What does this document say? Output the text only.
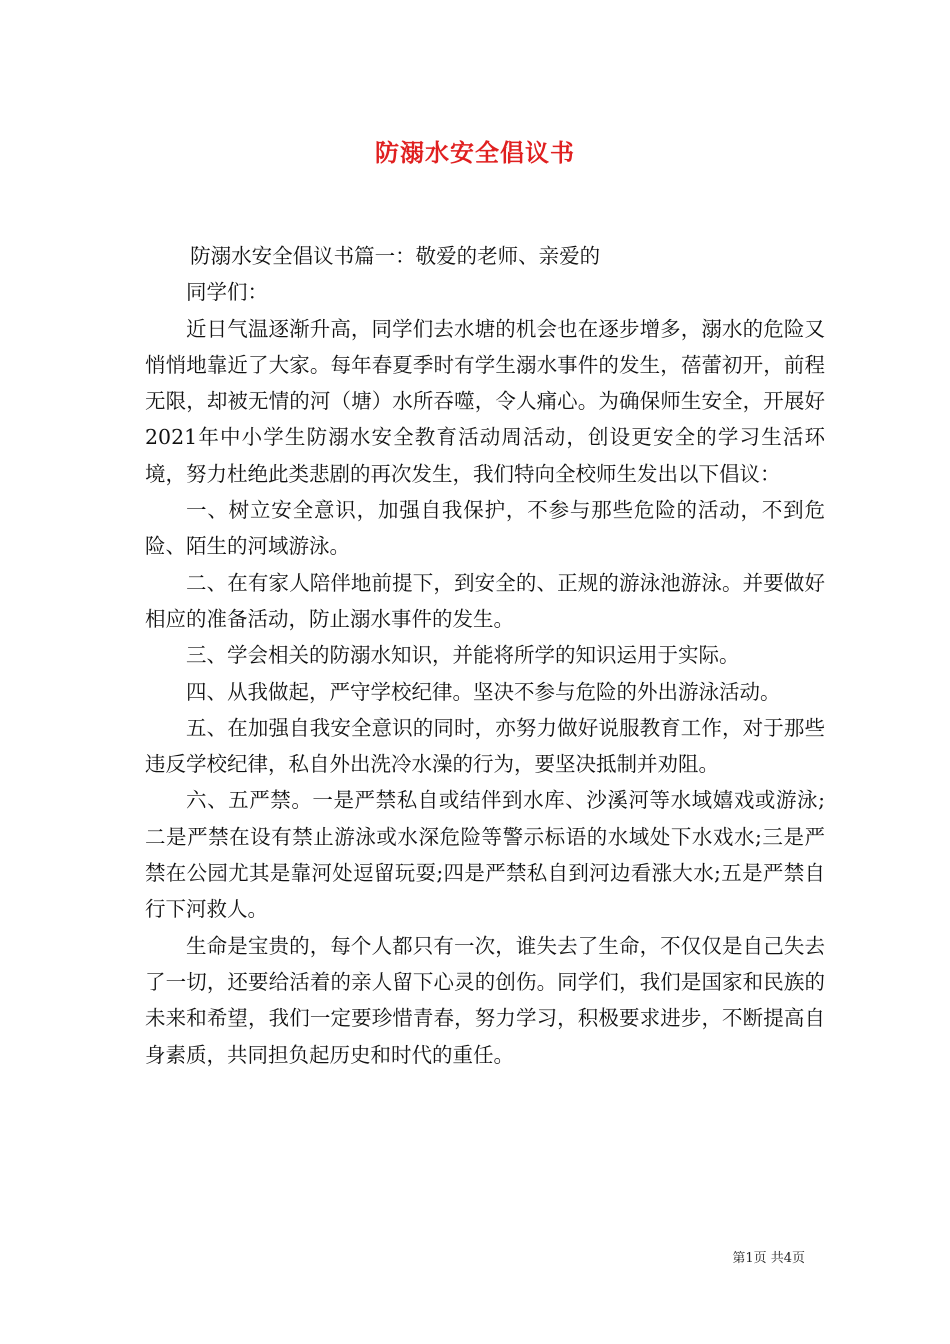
防溺水安全倡议书

防溺水安全倡议书篇一：敬爱的老师、亲爱的

同学们：

近日气温逐渐升高，同学们去水塘的机会也在逐步增多，溺水的危险又悄悄地靠近了大家。每年春夏季时有学生溺水事件的发生，蓓蕾初开，前程无限，却被无情的河（塘）水所吞噬，令人痛心。为确保师生安全，开展好2021年中小学生防溺水安全教育活动周活动，创设更安全的学习生活环境，努力杜绝此类悲剧的再次发生，我们特向全校师生发出以下倡议：

一、树立安全意识，加强自我保护，不参与那些危险的活动，不到危险、陌生的河域游泳。

二、在有家人陪伴地前提下，到安全的、正规的游泳池游泳。并要做好相应的准备活动，防止溺水事件的发生。

三、学会相关的防溺水知识，并能将所学的知识运用于实际。

四、从我做起，严守学校纪律。坚决不参与危险的外出游泳活动。

五、在加强自我安全意识的同时，亦努力做好说服教育工作，对于那些违反学校纪律，私自外出洗冷水澡的行为，要坚决抵制并劝阻。

六、五严禁。一是严禁私自或结伴到水库、沙溪河等水域嬉戏或游泳;二是严禁在设有禁止游泳或水深危险等警示标语的水域处下水戏水;三是严禁在公园尤其是靠河处逗留玩耍;四是严禁私自到河边看涨大水;五是严禁自行下河救人。

生命是宝贵的，每个人都只有一次，谁失去了生命，不仅仅是自己失去了一切，还要给活着的亲人留下心灵的创伤。同学们，我们是国家和民族的未来和希望，我们一定要珍惜青春，努力学习，积极要求进步，不断提高自身素质，共同担负起历史和时代的重任。

第1页 共4页
